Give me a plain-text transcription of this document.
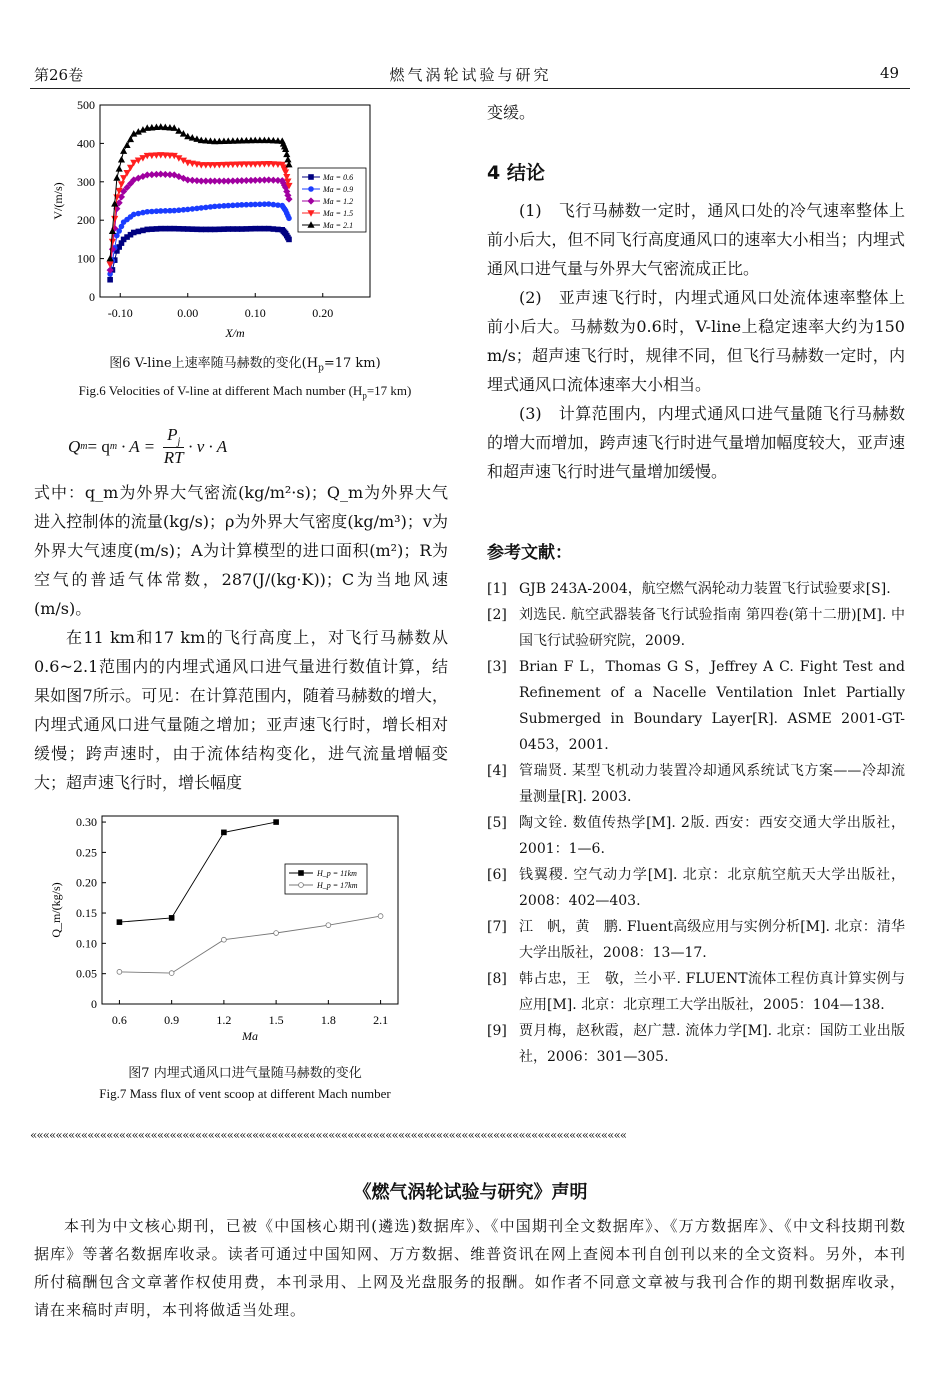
第26卷	燃气涡轮试验与研究	49
0
100
200
300
400
500
-0.10	0.00	0.10	0.20
X/m
V/(m/s)
Ma = 0.6
Ma = 0.9
Ma = 1.2
Ma = 1.5
Ma = 2.1
图6 V-line上速率随马赫数的变化($H_p=17$ km)
Fig.6 Velocities of V-line at different Mach number ($H_p=17$ km)
Q m = q $m \cdot A = \frac{P_j}{RT} \cdot v \cdot A$

式中：q_m为外界大气密流(kg/m²·s)；Q_m为外界大气进入控制体的流量(kg/s)；ρ为外界大气密度(kg/m³)；v为外界大气速度(m/s)；A为计算模型的进口面积(m²)；R为空气的普适气体常数，287(J/(kg·K))；C为当地风速(m/s)。

在11 km和17 km的飞行高度上，对飞行马赫数从0.6~2.1范围内的内埋式通风口进气量进行数值计算，结果如图7所示。可见：在计算范围内，随着马赫数的增大，内埋式通风口进气量随之增加；亚声速飞行时，增长相对缓慢；跨声速时，由于流体结构变化，进气流量增幅变大；超声速飞行时，增长幅度

0
0.05
0.10
0.15
0.20
0.25
0.30
0.6	0.9	1.2	1.5	1.8	2.1
Ma
Q_m/(kg/s)
H_p = 11km
H_p = 17km
图7 内埋式通风口进气量随马赫数的变化
Fig.7 Mass flux of vent scoop at different Mach number
变缓。
4 结论

(1)　飞行马赫数一定时，通风口处的冷气速率整体上前小后大，但不同飞行高度通风口的速率大小相当；内埋式通风口进气量与外界大气密流成正比。

(2)　亚声速飞行时，内埋式通风口处流体速率整体上前小后大。马赫数为0.6时，V-line上稳定速率大约为150 m/s；超声速飞行时，规律不同，但飞行马赫数一定时，内埋式通风口流体速率大小相当。

(3)　计算范围内，内埋式通风口进气量随飞行马赫数的增大而增加，跨声速飞行时进气量增加幅度较大，亚声速和超声速飞行时进气量增加缓慢。

参考文献：
[1] GJB 243A-2004，航空燃气涡轮动力装置飞行试验要求[S].
[2] 刘选民. 航空武器装备飞行试验指南 第四卷(第十二册)[M]. 中国飞行试验研究院，2009.
[3] Brian F L，Thomas G S，Jeffrey A C. Fight Test and Refinement of a Nacelle Ventilation Inlet Partially Submerged in Boundary Layer[R]. ASME 2001-GT-0453，2001.
[4] 管瑞贤. 某型飞机动力装置冷却通风系统试飞方案——冷却流量测量[R]. 2003.
[5] 陶文铨. 数值传热学[M]. 2版. 西安：西安交通大学出版社，2001：1—6.
[6] 钱翼稷. 空气动力学[M]. 北京：北京航空航天大学出版社，2008：402—403.
[7] 江　帆，黄　鹏. Fluent高级应用与实例分析[M]. 北京：清华大学出版社，2008：13—17.
[8] 韩占忠，王　敬，兰小平. FLUENT流体工程仿真计算实例与应用[M]. 北京：北京理工大学出版社，2005：104—138.
[9] 贾月梅，赵秋霞，赵广慧. 流体力学[M]. 北京：国防工业出版社，2006：301—305.
««««««««««««««««««««««««««««««««««««««««««««««««««««««««««««««««««««««««««««««««««««««««««««««
《燃气涡轮试验与研究》声明

本刊为中文核心期刊，已被《中国核心期刊(遴选)数据库》、《中国期刊全文数据库》、《万方数据库》、《中文科技期刊数据库》等著名数据库收录。读者可通过中国知网、万方数据、维普资讯在网上查阅本刊自创刊以来的全文资料。另外，本刊所付稿酬包含文章著作权使用费，本刊录用、上网及光盘服务的报酬。如作者不同意文章被与我刊合作的期刊数据库收录，请在来稿时声明，本刊将做适当处理。
